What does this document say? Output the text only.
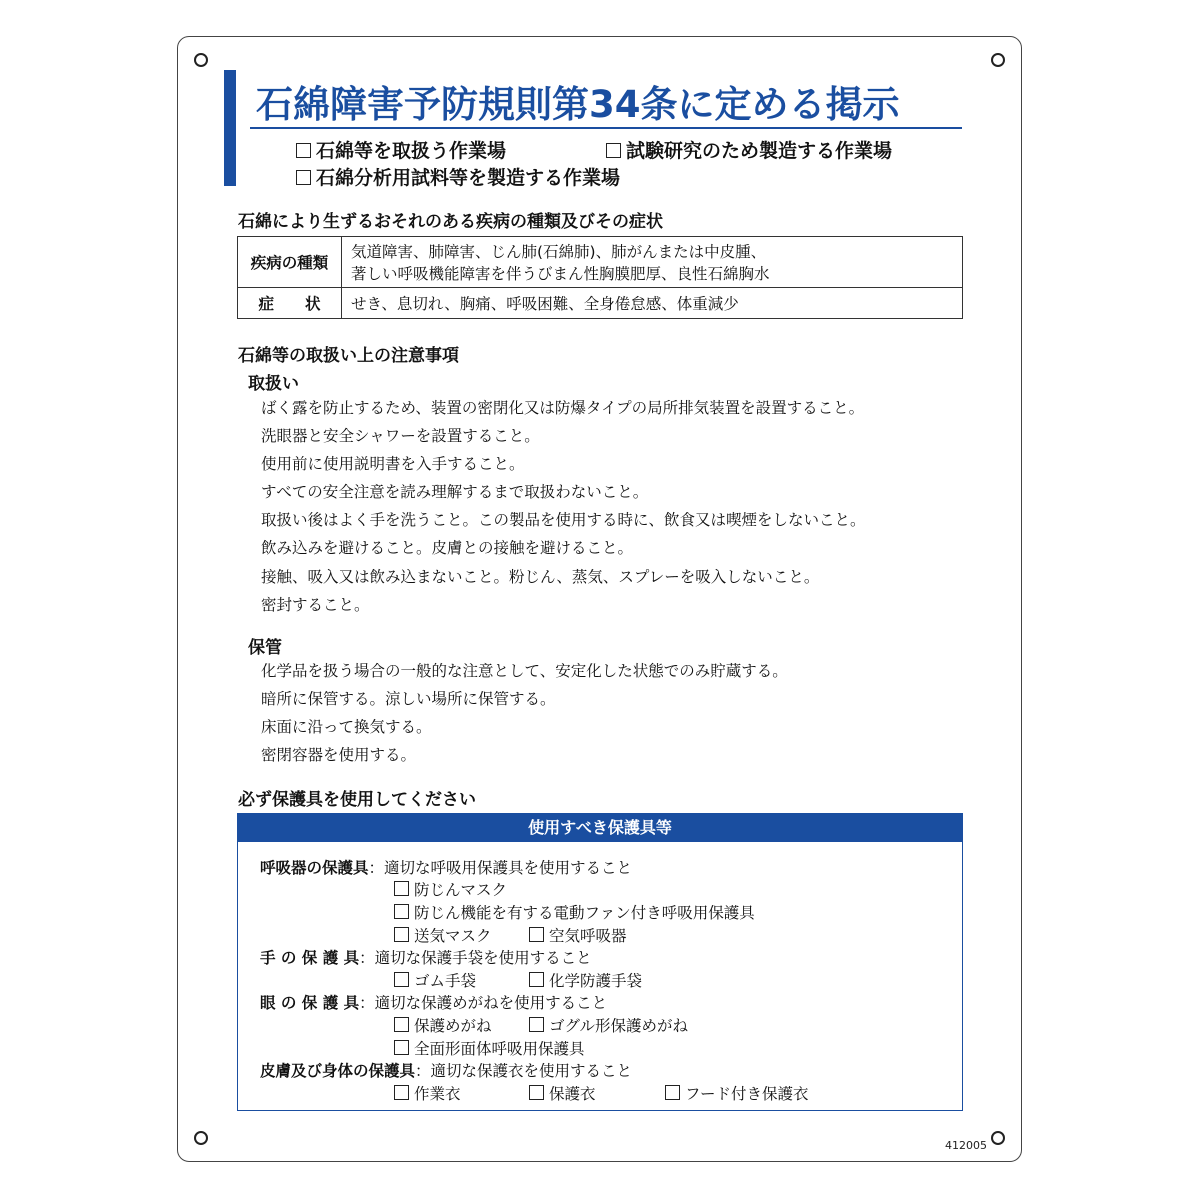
石綿障害予防規則第34条に定める掲示
石綿等を取扱う作業場	試験研究のため製造する作業場
石綿分析用試料等を製造する作業場
石綿により生ずるおそれのある疾病の種類及びその症状
疾病の種類	気道障害、肺障害、じん肺(石綿肺)、肺がんまたは中皮腫、
著しい呼吸機能障害を伴うびまん性胸膜肥厚、良性石綿胸水

症　　状	せき、息切れ、胸痛、呼吸困難、全身倦怠感、体重減少
石綿等の取扱い上の注意事項
取扱い
ばく露を防止するため、装置の密閉化又は防爆タイプの局所排気装置を設置すること。
洗眼器と安全シャワーを設置すること。
使用前に使用説明書を入手すること。
すべての安全注意を読み理解するまで取扱わないこと。
取扱い後はよく手を洗うこと。この製品を使用する時に、飲食又は喫煙をしないこと。
飲み込みを避けること。皮膚との接触を避けること。
接触、吸入又は飲み込まないこと。粉じん、蒸気、スプレーを吸入しないこと。
密封すること。
保管
化学品を扱う場合の一般的な注意として、安定化した状態でのみ貯蔵する。
暗所に保管する。涼しい場所に保管する。
床面に沿って換気する。
密閉容器を使用する。
必ず保護具を使用してください
使用すべき保護具等
呼吸器の保護具：適切な呼吸用保護具を使用すること
防じんマスク
防じん機能を有する電動ファン付き呼吸用保護具
送気マスク	空気呼吸器
手 の 保 護 具：適切な保護手袋を使用すること
ゴム手袋	化学防護手袋
眼 の 保 護 具：適切な保護めがねを使用すること
保護めがね	ゴグル形保護めがね
全面形面体呼吸用保護具
皮膚及び身体の保護具：適切な保護衣を使用すること
作業衣	保護衣	フード付き保護衣
412005
